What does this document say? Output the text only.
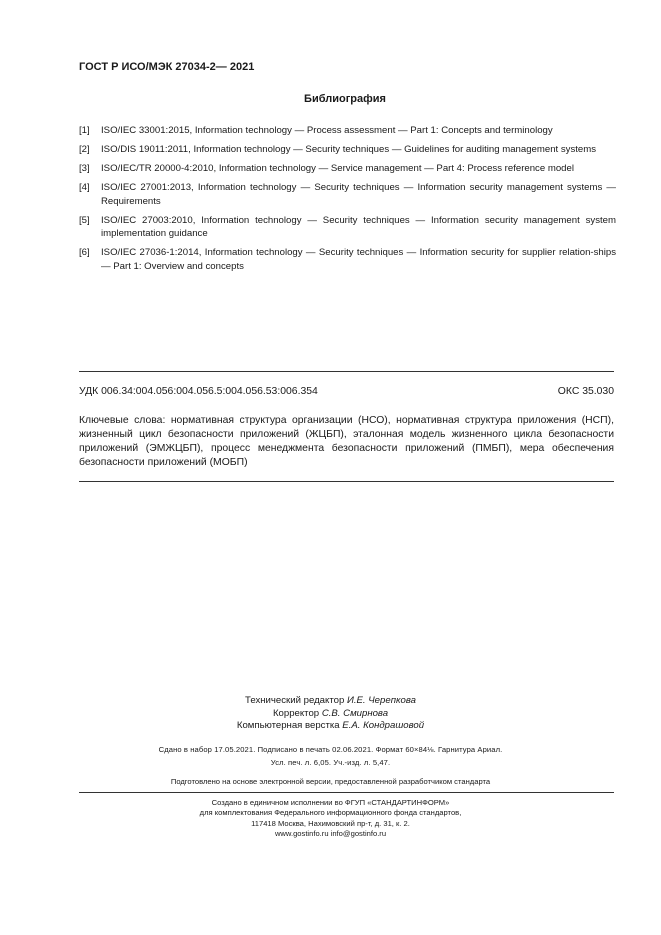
ГОСТ Р ИСО/МЭК 27034-2— 2021
Библиография
[1]	ISO/IEC 33001:2015, Information technology — Process assessment — Part 1: Concepts and terminology
[2]	ISO/DIS 19011:2011, Information technology — Security techniques — Guidelines for auditing management systems
[3]	ISO/IEC/TR 20000-4:2010, Information technology — Service management — Part 4: Process reference model
[4]	ISO/IEC 27001:2013, Information technology — Security techniques — Information security management systems — Requirements
[5]	ISO/IEC 27003:2010, Information technology — Security techniques — Information security management system implementation guidance
[6]	ISO/IEC 27036-1:2014, Information technology — Security techniques — Information security for supplier relation-ships — Part 1: Overview and concepts
УДК 006.34:004.056:004.056.5:004.056.53:006.354	ОКС 35.030
Ключевые слова: нормативная структура организации (НСО), нормативная структура приложения (НСП), жизненный цикл безопасности приложений (ЖЦБП), эталонная модель жизненного цикла безопасности приложений (ЭМЖЦБП), процесс менеджмента безопасности приложений (ПМБП), мера обеспечения безопасности приложений (МОБП)
Технический редактор И.Е. Черепкова
Корректор С.В. Смирнова
Компьютерная верстка Е.А. Кондрашовой
Сдано в набор 17.05.2021. Подписано в печать 02.06.2021. Формат 60×84⅛. Гарнитура Ариал.
Усл. печ. л. 6,05. Уч.-изд. л. 5,47.
Подготовлено на основе электронной версии, предоставленной разработчиком стандарта
Создано в единичном исполнении во ФГУП «СТАНДАРТИНФОРМ»
для комплектования Федерального информационного фонда стандартов,
117418 Москва, Нахимовский пр-т, д. 31, к. 2.
www.gostinfo.ru info@gostinfo.ru
